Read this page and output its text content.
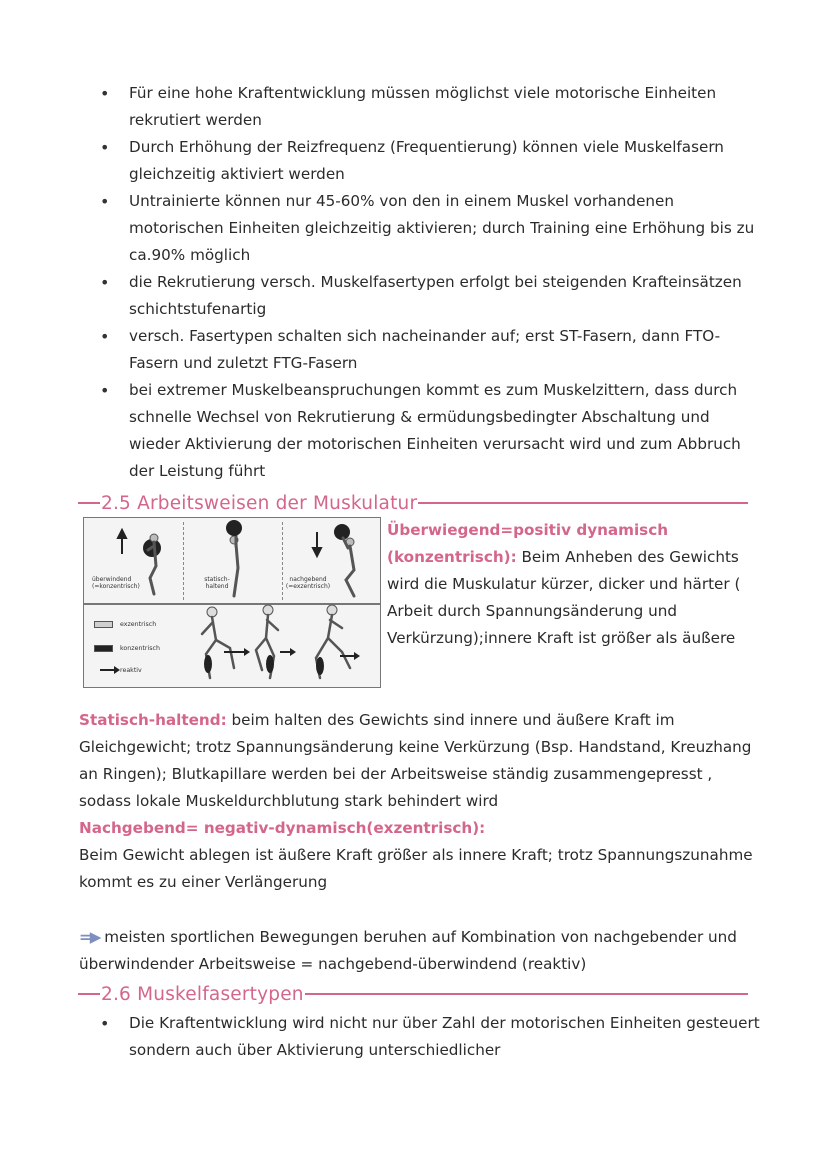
• Für eine hohe Kraftentwicklung müssen möglichst viele motorische Einheiten rekrutiert werden
• Durch Erhöhung der Reizfrequenz (Frequentierung) können viele Muskelfasern gleichzeitig aktiviert werden
• Untrainierte können nur 45-60% von den in einem Muskel vorhandenen motorischen Einheiten gleichzeitig aktivieren; durch Training eine Erhöhung bis zu ca.90% möglich
• die Rekrutierung versch. Muskelfasertypen erfolgt bei steigenden Krafteinsätzen schichtstufenartig
• versch. Fasertypen schalten sich nacheinander auf; erst ST-Fasern, dann FTO-Fasern und zuletzt FTG-Fasern
• bei extremer Muskelbeanspruchungen kommt es zum Muskelzittern, dass durch schnelle Wechsel von Rekrutierung & ermüdungsbedingter Abschaltung und wieder Aktivierung der motorischen Einheiten verursacht wird und zum Abbruch der Leistung führt
2.5 Arbeitsweisen der Muskulatur
überwindend
(=konzentrisch)
statisch-
haltend
nachgebend
(=exzentrisch)
exzentrisch
konzentrisch
reaktiv
Überwiegend=positiv dynamisch
(konzentrisch): Beim Anheben des Gewichts wird die Muskulatur kürzer, dicker und härter ( Arbeit durch Spannungsänderung und Verkürzung);innere Kraft ist größer als äußere
Statisch-haltend: beim halten des Gewichts sind innere und äußere Kraft im Gleichgewicht; trotz Spannungsänderung keine Verkürzung (Bsp. Handstand, Kreuzhang an Ringen); Blutkapillare werden bei der Arbeitsweise ständig zusammengepresst , sodass lokale Muskeldurchblutung stark behindert wird
Nachgebend= negativ-dynamisch(exzentrisch):
Beim Gewicht ablegen ist äußere Kraft größer als innere Kraft; trotz Spannungszunahme kommt es zu einer Verlängerung
=▶ meisten sportlichen Bewegungen beruhen auf Kombination von nachgebender und überwindender Arbeitsweise = nachgebend-überwindend (reaktiv)
2.6 Muskelfasertypen
• Die Kraftentwicklung wird nicht nur über Zahl der motorischen Einheiten gesteuert sondern auch über Aktivierung unterschiedlicher
